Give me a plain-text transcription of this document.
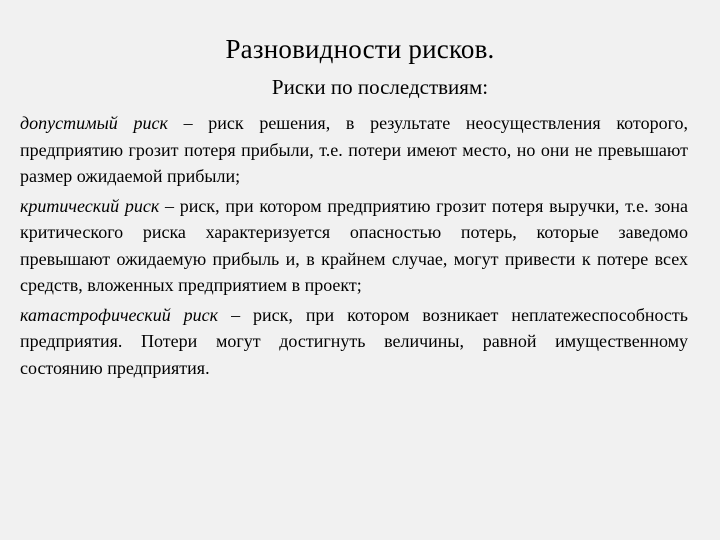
Разновидности рисков.
Риски по последствиям:

допустимый риск – риск решения, в результате неосуществления которого, предприятию грозит потеря прибыли, т.е. потери имеют место, но они не превышают размер ожидаемой прибыли;

критический риск – риск, при котором предприятию грозит потеря выручки, т.е. зона критического риска характеризуется опасностью потерь, которые заведомо превышают ожидаемую прибыль и, в крайнем случае, могут привести к потере всех средств, вложенных предприятием в проект;

катастрофический риск – риск, при котором возникает неплатежеспособность предприятия. Потери могут достигнуть величины, равной имущественному состоянию предприятия.
